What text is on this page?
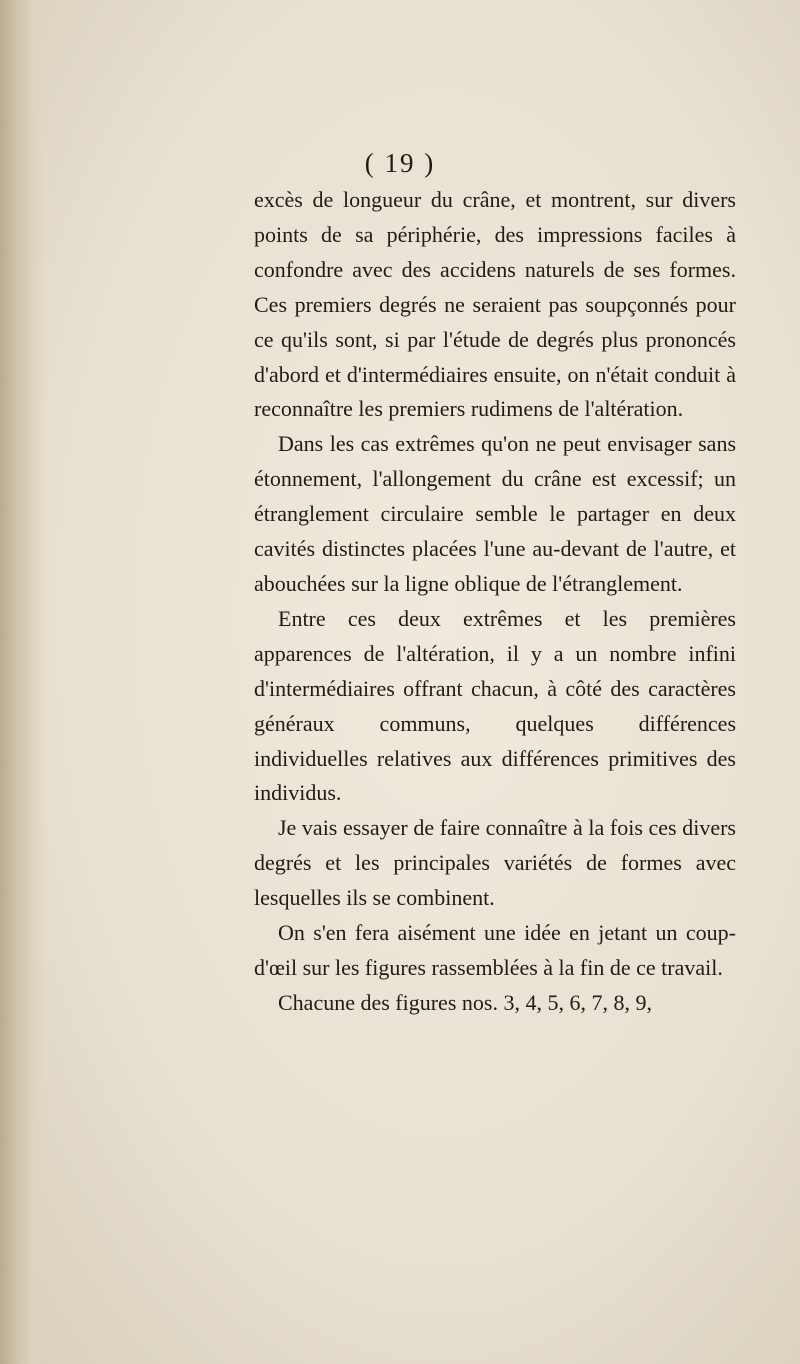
( 19 )

excès de longueur du crâne, et montrent, sur divers points de sa périphérie, des impressions faciles à confondre avec des accidens naturels de ses formes. Ces premiers degrés ne seraient pas soupçonnés pour ce qu'ils sont, si par l'étude de degrés plus prononcés d'abord et d'intermédiaires ensuite, on n'était conduit à reconnaître les premiers rudimens de l'altération.

Dans les cas extrêmes qu'on ne peut envisager sans étonnement, l'allongement du crâne est excessif; un étranglement circulaire semble le partager en deux cavités distinctes placées l'une au-devant de l'autre, et abouchées sur la ligne oblique de l'étranglement.

Entre ces deux extrêmes et les premières apparences de l'altération, il y a un nombre infini d'intermédiaires offrant chacun, à côté des caractères généraux communs, quelques différences individuelles relatives aux différences primitives des individus.

Je vais essayer de faire connaître à la fois ces divers degrés et les principales variétés de formes avec lesquelles ils se combinent.

On s'en fera aisément une idée en jetant un coup-d'œil sur les figures rassemblées à la fin de ce travail.

Chacune des figures nos. 3, 4, 5, 6, 7, 8, 9,
